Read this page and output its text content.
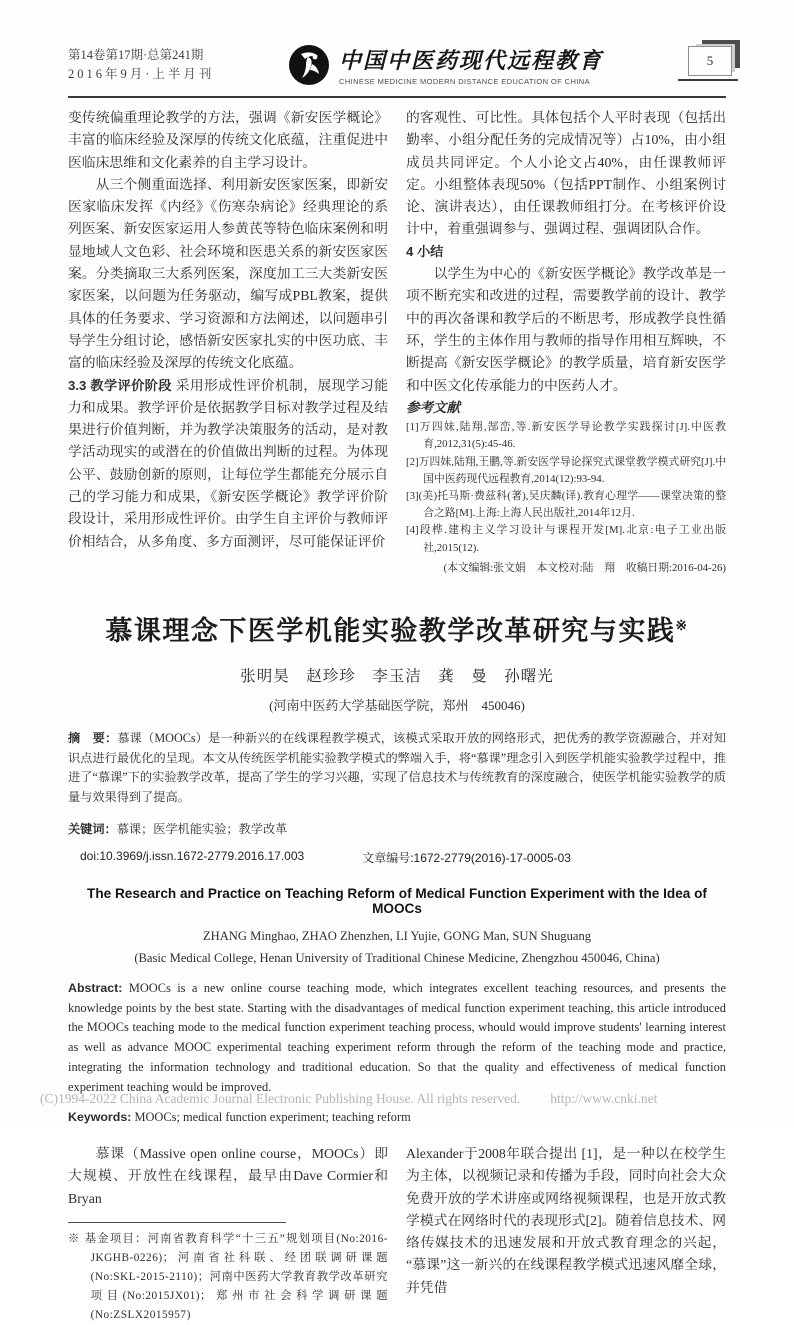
第14卷第17期·总第241期
2016年9月·上半月刊
中国中医药现代远程教育
CHINESE MEDICINE MODERN DISTANCE EDUCATION OF CHINA
5

变传统偏重理论教学的方法，强调《新安医学概论》丰富的临床经验及深厚的传统文化底蕴，注重促进中医临床思维和文化素养的自主学习设计。

从三个侧重面选择、利用新安医家医案，即新安医家临床发挥《内经》《伤寒杂病论》经典理论的系列医案、新安医家运用人参黄芪等特色临床案例和明显地域人文色彩、社会环境和医患关系的新安医家医案。分类摘取三大系列医案，深度加工三大类新安医家医案，以问题为任务驱动，编写成PBL教案，提供具体的任务要求、学习资源和方法阐述，以问题串引导学生分组讨论，感悟新安医家扎实的中医功底、丰富的临床经验及深厚的传统文化底蕴。

3.3 教学评价阶段 采用形成性评价机制，展现学习能力和成果。教学评价是依据教学目标对教学过程及结果进行价值判断，并为教学决策服务的活动，是对教学活动现实的或潜在的价值做出判断的过程。为体现公平、鼓励创新的原则，让每位学生都能充分展示自己的学习能力和成果，《新安医学概论》教学评价阶段设计，采用形成性评价。由学生自主评价与教师评价相结合，从多角度、多方面测评，尽可能保证评价

的客观性、可比性。具体包括个人平时表现（包括出勤率、小组分配任务的完成情况等）占10%，由小组成员共同评定。个人小论文占40%，由任课教师评定。小组整体表现50%（包括PPT制作、小组案例讨论、演讲表达），由任课教师组打分。在考核评价设计中，着重强调参与、强调过程、强调团队合作。

4 小结

以学生为中心的《新安医学概论》教学改革是一项不断充实和改进的过程，需要教学前的设计、教学中的再次备课和教学后的不断思考，形成教学良性循环，学生的主体作用与教师的指导作用相互辉映，不断提高《新安医学概论》的教学质量，培育新安医学和中医文化传承能力的中医药人才。

参考文献

[1]万四妹,陆翔,郜峦,等.新安医学导论教学实践探讨[J].中医教育,2012,31(5):45-46.

[2]万四妹,陆翔,王鹏,等.新安医学导论探究式课堂教学模式研究[J].中国中医药现代远程教育,2014(12):93-94.

[3](美)托马斯·费兹科(著),吴庆麟(译).教育心理学——课堂决策的整合之路[M].上海:上海人民出版社,2014年12月.

[4]段桦.建构主义学习设计与课程开发[M].北京:电子工业出版社,2015(12).

(本文编辑:张文娟　本文校对:陆　翔　收稿日期:2016-04-26)

慕课理念下医学机能实验教学改革研究与实践※
张明昊　赵珍珍　李玉洁　龚　曼　孙曙光
(河南中医药大学基础医学院，郑州　450046)

摘　要：慕课（MOOCs）是一种新兴的在线课程教学模式，该模式采取开放的网络形式，把优秀的教学资源融合，并对知识点进行最优化的呈现。本文从传统医学机能实验教学模式的弊端入手，将“慕课”理念引入到医学机能实验教学过程中，推进了“慕课”下的实验教学改革，提高了学生的学习兴趣，实现了信息技术与传统教育的深度融合，使医学机能实验教学的质量与效果得到了提高。

关键词：慕课；医学机能实验；教学改革

doi:10.3969/j.issn.1672-2779.2016.17.003	文章编号:1672-2779(2016)-17-0005-03
The Research and Practice on Teaching Reform of Medical Function Experiment with the Idea of MOOCs
ZHANG Minghao, ZHAO Zhenzhen, LI Yujie, GONG Man, SUN Shuguang
(Basic Medical College, Henan University of Traditional Chinese Medicine, Zhengzhou 450046, China)

Abstract: MOOCs is a new online course teaching mode, which integrates excellent teaching resources, and presents the knowledge points by the best state. Starting with the disadvantages of medical function experiment teaching, this article introduced the MOOCs teaching mode to the medical function experiment teaching process, whould would improve students' learning interest as well as advance MOOC experimental teaching experiment reform through the reform of the teaching mode and practice, integrating the information technology and traditional education. So that the quality and effectiveness of medical function experiment teaching would be improved.

Keywords: MOOCs; medical function experiment; teaching reform

慕课（Massive open online course，MOOCs）即大规模、开放性在线课程，最早由Dave Cormier和Bryan

※ 基金项目：河南省教育科学“十三五”规划项目(No:2016-JKGHB-0226)；河南省社科联、经团联调研课题(No:SKL-2015-2110)；河南中医药大学教育教学改革研究项目(No:2015JX01)；郑州市社会科学调研课题(No:ZSLX2015957)

Alexander于2008年联合提出 [1]，是一种以在校学生为主体，以视频记录和传播为手段，同时向社会大众免费开放的学术讲座或网络视频课程，也是开放式教学模式在网络时代的表现形式[2]。随着信息技术、网络传媒技术的迅速发展和开放式教育理念的兴起，“慕课”这一新兴的在线课程教学模式迅速风靡全球，并凭借

(C)1994-2022 China Academic Journal Electronic Publishing House. All rights reserved. http://www.cnki.net
